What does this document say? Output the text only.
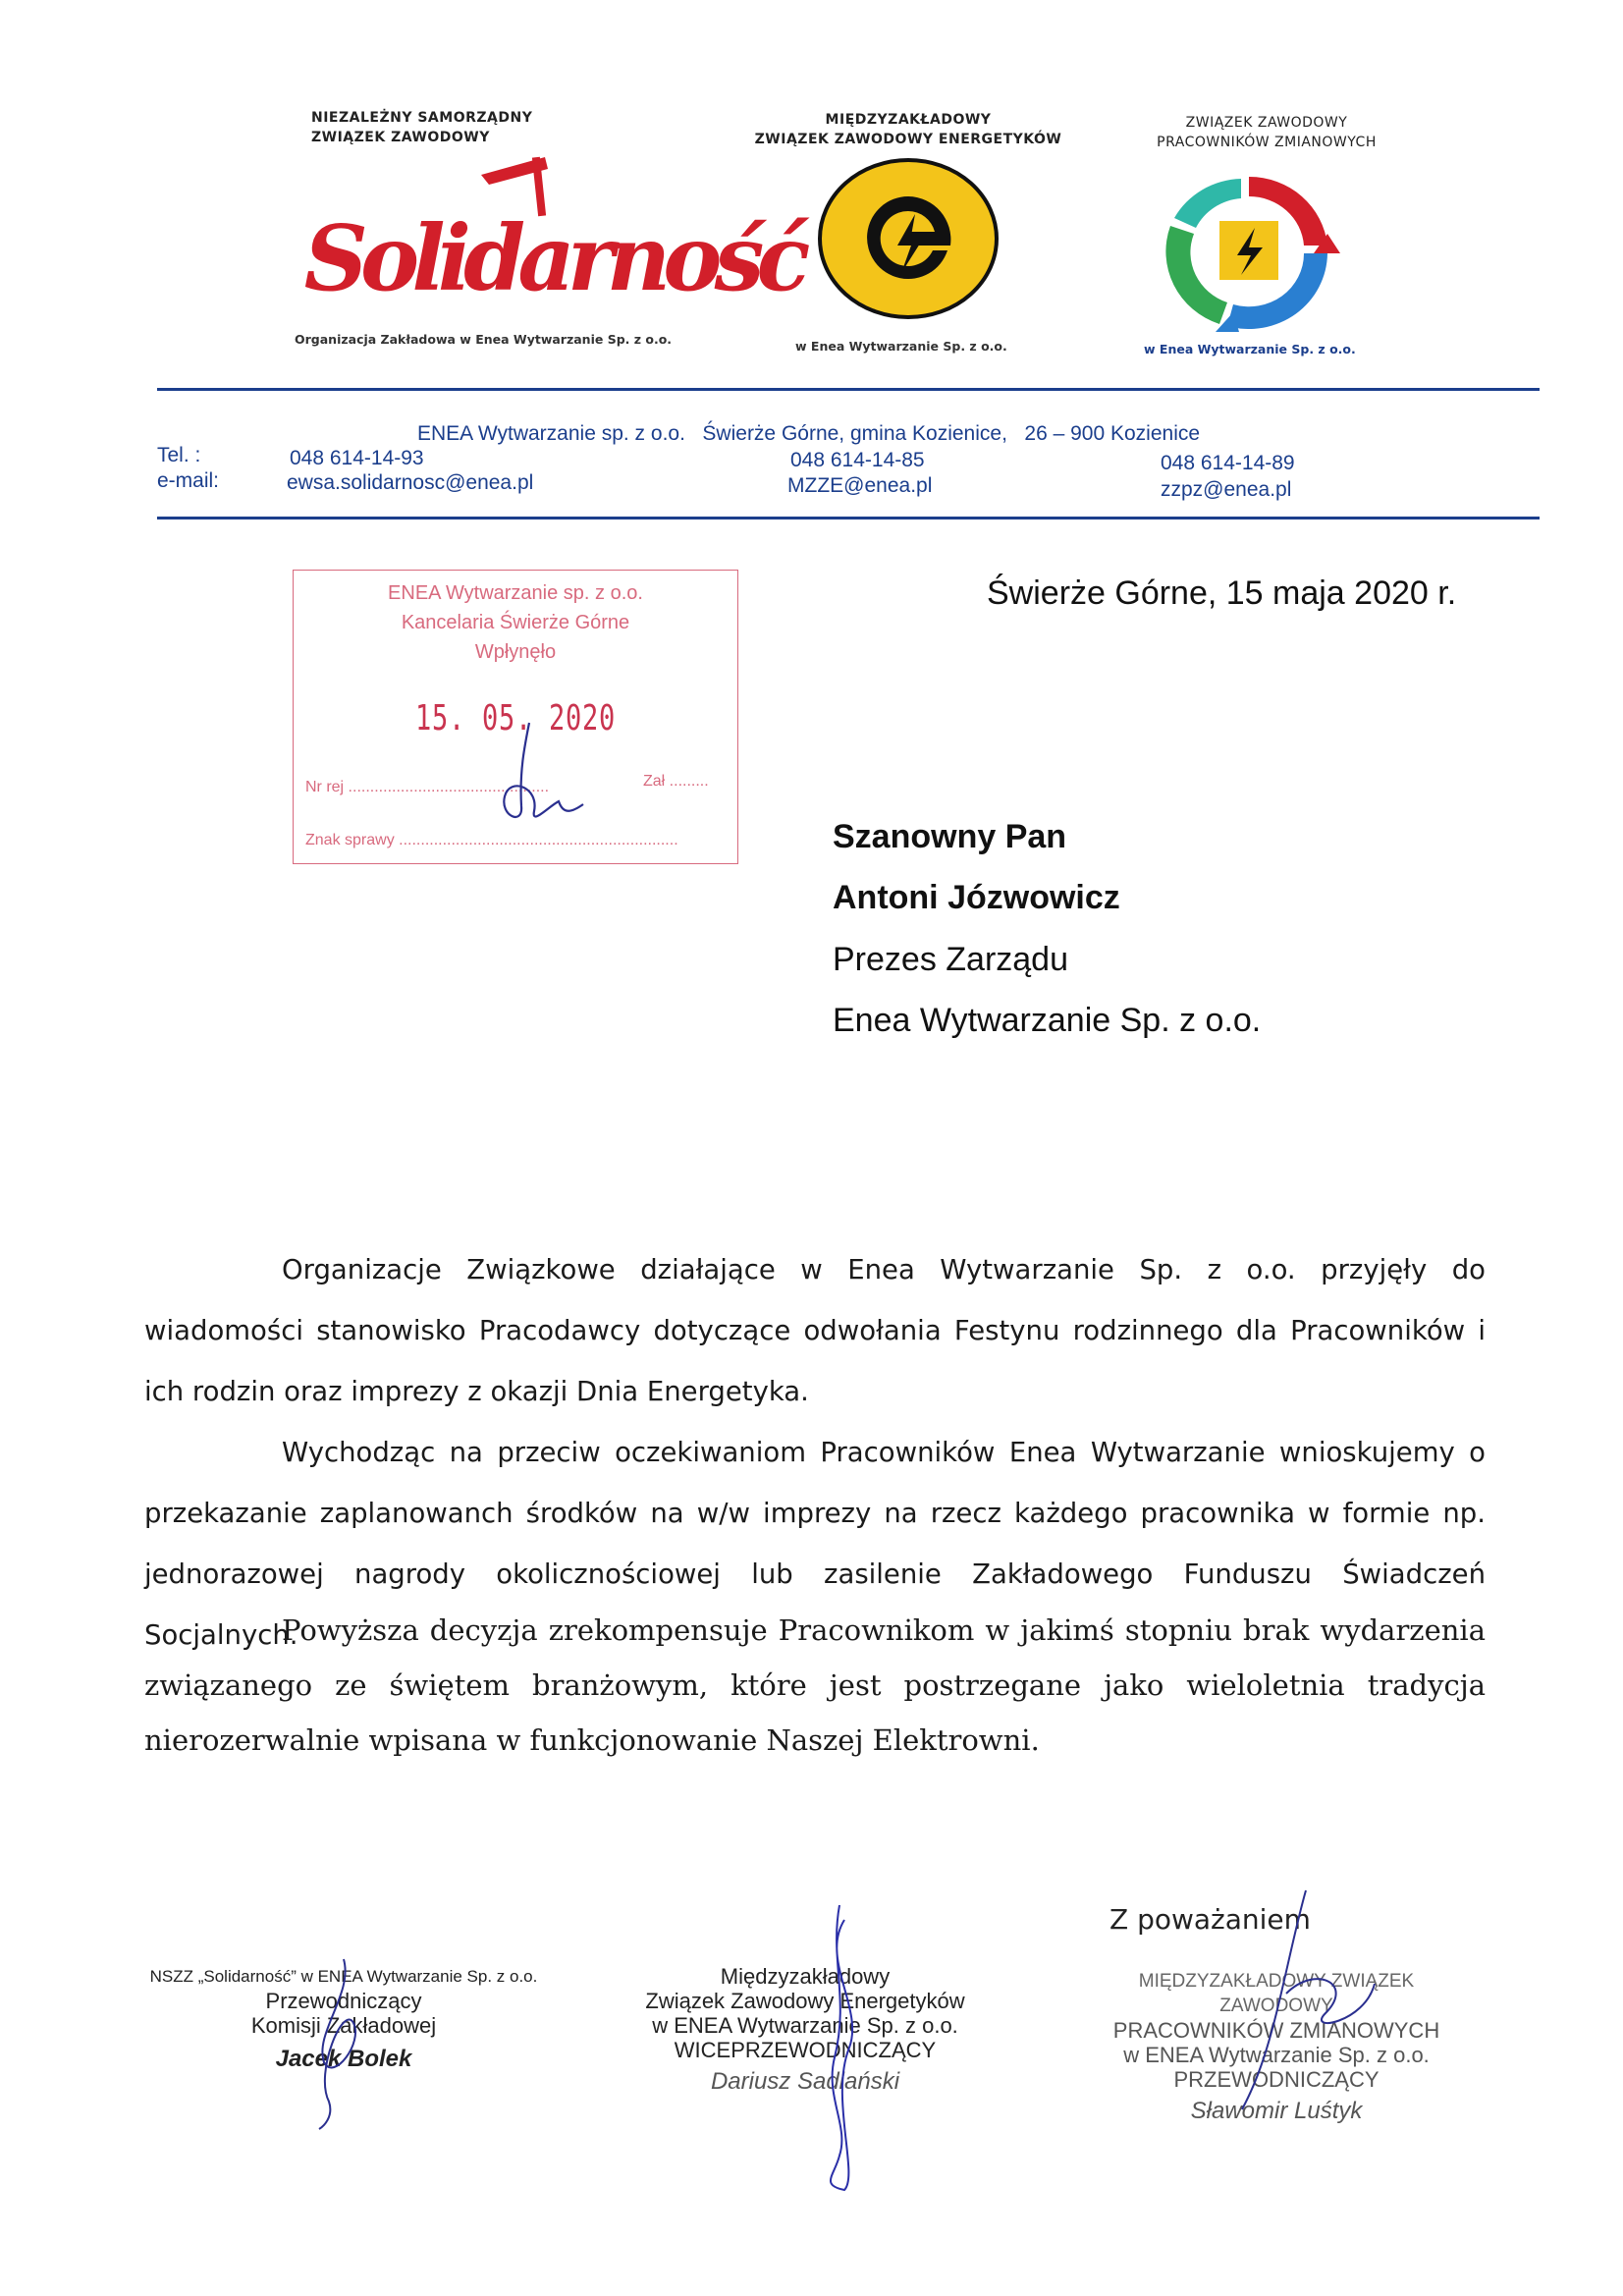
NIEZALEŻNY SAMORZĄDNY
ZWIĄZEK ZAWODOWY
Solidarność
Organizacja Zakładowa w Enea Wytwarzanie Sp. z o.o.
MIĘDZYZAKŁADOWY
ZWIĄZEK ZAWODOWY ENERGETYKÓW
w Enea Wytwarzanie Sp. z o.o.
ZWIĄZEK ZAWODOWY
PRACOWNIKÓW ZMIANOWYCH
w Enea Wytwarzanie Sp. z o.o.
ENEA Wytwarzanie sp. z o.o.   Świerże Górne, gmina Kozienice,   26 – 900 Kozienice
Tel. :
e-mail:
048 614-14-93
ewsa.solidarnosc@enea.pl
048 614-14-85
MZZE@enea.pl
048 614-14-89
zzpz@enea.pl
ENEA Wytwarzanie sp. z o.o.
Kancelaria Świerże Górne
Wpłynęło
15. 05. 2020
Nr rej ..............................................	Zał .........
Znak sprawy ................................................................
Świerże Górne, 15 maja 2020 r.
Szanowny Pan
Antoni Józwowicz
Prezes Zarządu
Enea Wytwarzanie Sp. z o.o.
Organizacje Związkowe działające w Enea Wytwarzanie Sp. z o.o. przyjęły do wiadomości stanowisko Pracodawcy dotyczące odwołania Festynu rodzinnego dla Pracowników i ich rodzin oraz imprezy z okazji Dnia Energetyka.
Wychodząc na przeciw oczekiwaniom Pracowników Enea Wytwarzanie wnioskujemy o przekazanie zaplanowanch środków na w/w imprezy na rzecz każdego pracownika w formie np. jednorazowej nagrody okolicznościowej lub zasilenie Zakładowego Funduszu Świadczeń Socjalnych.
Powyższa decyzja zrekompensuje Pracownikom w jakimś stopniu brak wydarzenia związanego ze świętem branżowym, które jest postrzegane jako wieloletnia tradycja nierozerwalnie wpisana w funkcjonowanie Naszej Elektrowni.
Z poważaniem
NSZZ „Solidarność” w ENEA Wytwarzanie Sp. z o.o.
Przewodniczący
Komisji Zakładowej
Jacek Bolek
Międzyzakładowy
Związek Zawodowy Energetyków
w ENEA Wytwarzanie Sp. z o.o.
WICEPRZEWODNICZĄCY
Dariusz Sadlański
MIĘDZYZAKŁADOWY ZWIĄZEK ZAWODOWY
PRACOWNIKÓW ZMIANOWYCH
w ENEA Wytwarzanie Sp. z o.o.
PRZEWODNICZĄCY
Sławomir Luśtyk
